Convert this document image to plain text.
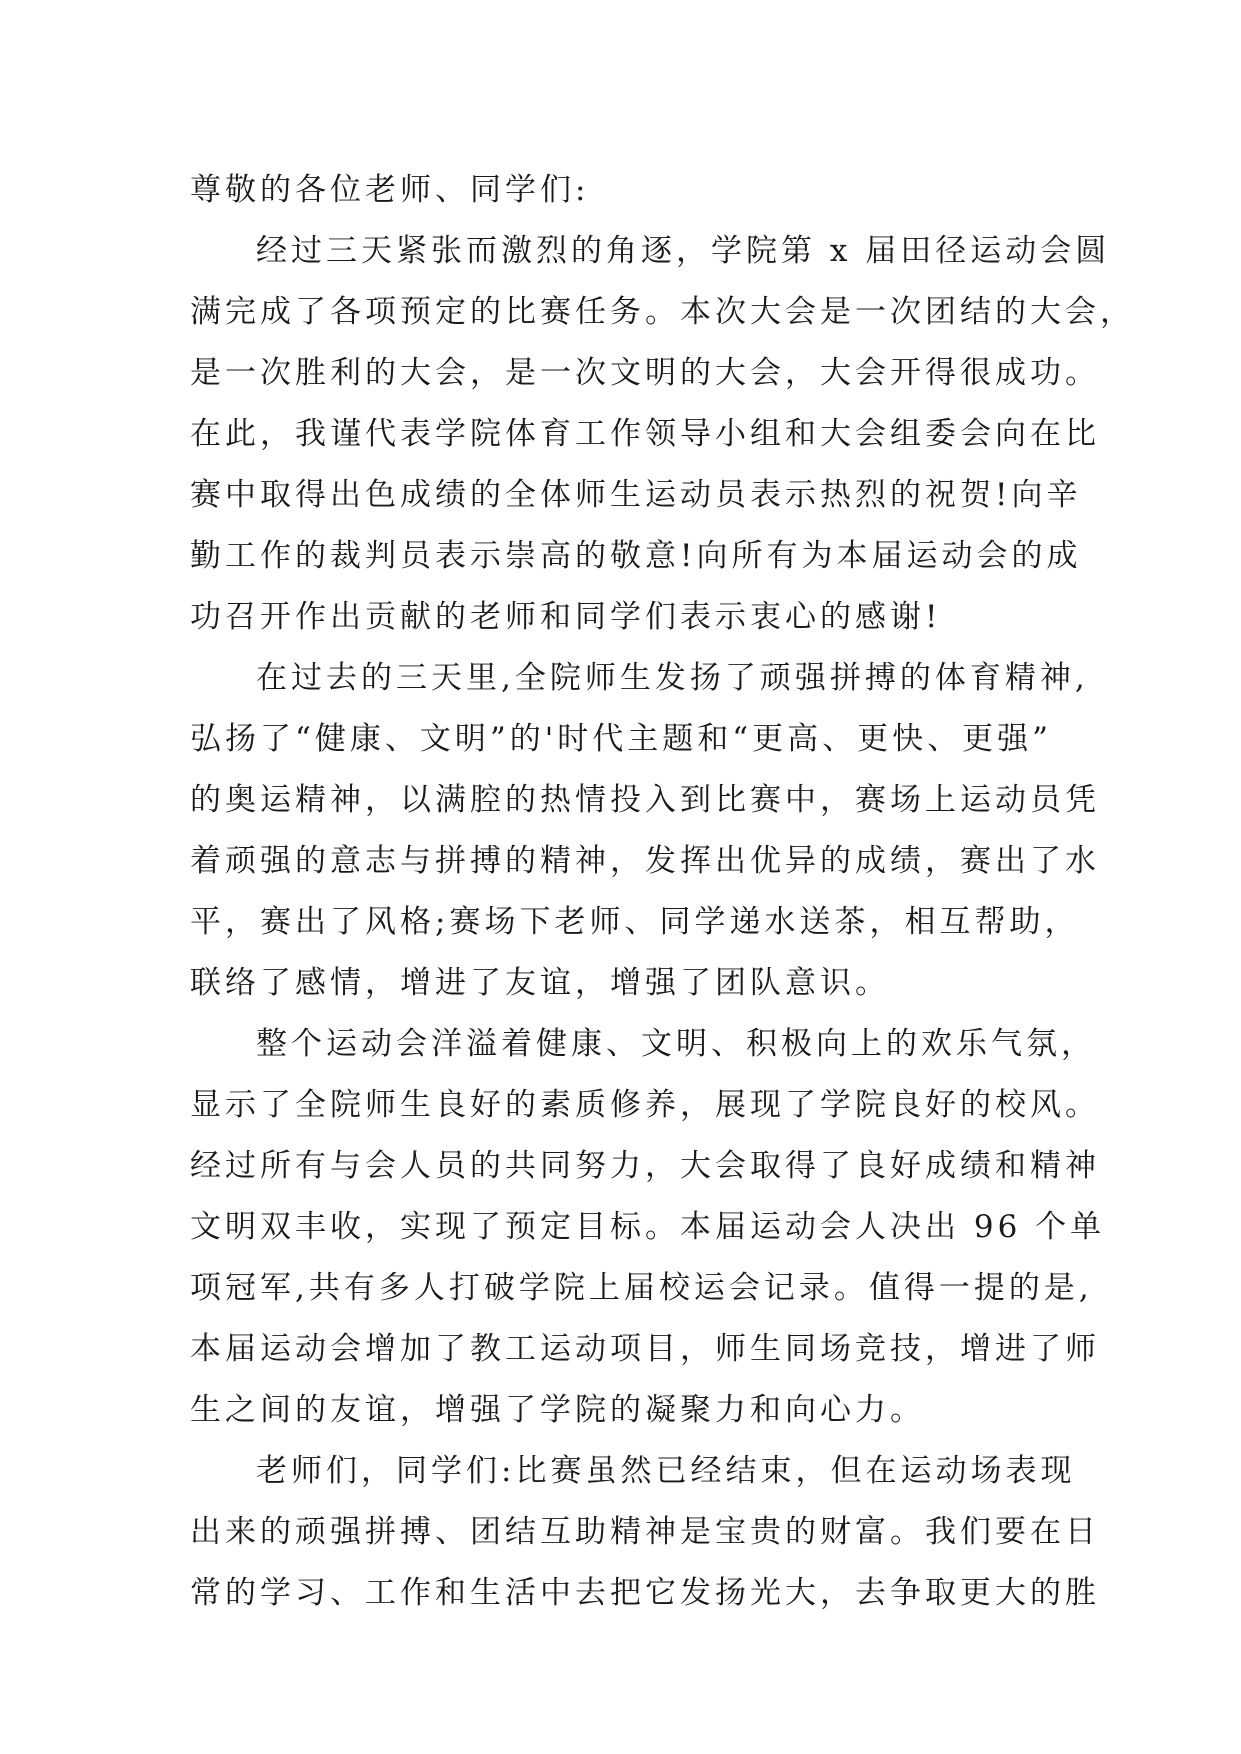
尊敬的各位老师、同学们:
经过三天紧张而激烈的角逐，学院第 x 届田径运动会圆
满完成了各项预定的比赛任务。本次大会是一次团结的大会，
是一次胜利的大会，是一次文明的大会，大会开得很成功。
在此，我谨代表学院体育工作领导小组和大会组委会向在比
赛中取得出色成绩的全体师生运动员表示热烈的祝贺!向辛
勤工作的裁判员表示崇高的敬意!向所有为本届运动会的成
功召开作出贡献的老师和同学们表示衷心的感谢!
在过去的三天里,全院师生发扬了顽强拼搏的体育精神,
弘扬了“健康、文明”的'时代主题和“更高、更快、更强”
的奥运精神，以满腔的热情投入到比赛中，赛场上运动员凭
着顽强的意志与拼搏的精神，发挥出优异的成绩，赛出了水
平，赛出了风格;赛场下老师、同学递水送茶，相互帮助，
联络了感情，增进了友谊，增强了团队意识。
整个运动会洋溢着健康、文明、积极向上的欢乐气氛，
显示了全院师生良好的素质修养，展现了学院良好的校风。
经过所有与会人员的共同努力，大会取得了良好成绩和精神
文明双丰收，实现了预定目标。本届运动会人决出 96 个单
项冠军,共有多人打破学院上届校运会记录。值得一提的是,
本届运动会增加了教工运动项目，师生同场竞技，增进了师
生之间的友谊，增强了学院的凝聚力和向心力。
老师们，同学们:比赛虽然已经结束，但在运动场表现
出来的顽强拼搏、团结互助精神是宝贵的财富。我们要在日
常的学习、工作和生活中去把它发扬光大，去争取更大的胜
